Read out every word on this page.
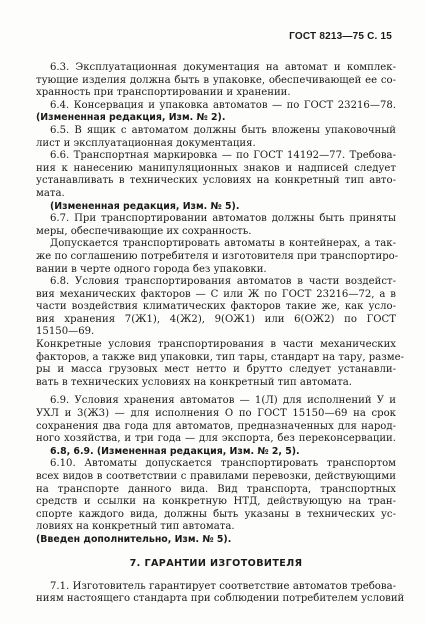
ГОСТ 8213—75 С. 15
6.3. Эксплуатационная документация на автомат и комплек-
тующие изделия должна быть в упаковке, обеспечивающей ее со-
хранность при транспортировании и хранении.
6.4. Консервация и упаковка автоматов — по ГОСТ 23216—78.
(Измененная редакция, Изм. № 2).
6.5. В ящик с автоматом должны быть вложены упаковочный
лист и эксплуатационная документация.
6.6. Транспортная маркировка — по ГОСТ 14192—77. Требова-
ния к нанесению манипуляционных знаков и надписей следует
устанавливать в технических условиях на конкретный тип авто-
мата.
(Измененная редакция, Изм. № 5).
6.7. При транспортировании автоматов должны быть приняты
меры, обеспечивающие их сохранность.
Допускается транспортировать автоматы в контейнерах, а так-
же по соглашению потребителя и изготовителя при транспортиро-
вании в черте одного города без упаковки.
6.8. Условия транспортирования автоматов в части воздейст-
вия механических факторов — С или Ж по ГОСТ 23216—72, а в
части воздействия климатических факторов такие же, как усло-
вия хранения 7(Ж1), 4(Ж2), 9(ОЖ1) или 6(ОЖ2) по ГОСТ
15150—69.
Конкретные условия транспортирования в части механических
факторов, а также вид упаковки, тип тары, стандарт на тару, разме-
ры и масса грузовых мест нетто и брутто следует устанавли-
вать в технических условиях на конкретный тип автомата.
6.9. Условия хранения автоматов — 1(Л) для исполнений У и
УХЛ и 3(Ж3) — для исполнения О по ГОСТ 15150—69 на срок
сохранения два года для автоматов, предназначенных для народ-
ного хозяйства, и три года — для экспорта, без переконсервации.
6.8, 6.9. (Измененная редакция, Изм. № 2, 5).
6.10. Автоматы допускается транспортировать транспортом
всех видов в соответствии с правилами перевозки, действующими
на транспорте данного вида. Вид транспорта, транспортных
средств и ссылки на конкретную НТД, действующую на тран-
спорте каждого вида, должны быть указаны в технических ус-
ловиях на конкретный тип автомата.
(Введен дополнительно, Изм. № 5).
7. ГАРАНТИИ ИЗГОТОВИТЕЛЯ
7.1. Изготовитель гарантирует соответствие автоматов требова-
ниям настоящего стандарта при соблюдении потребителем условий
